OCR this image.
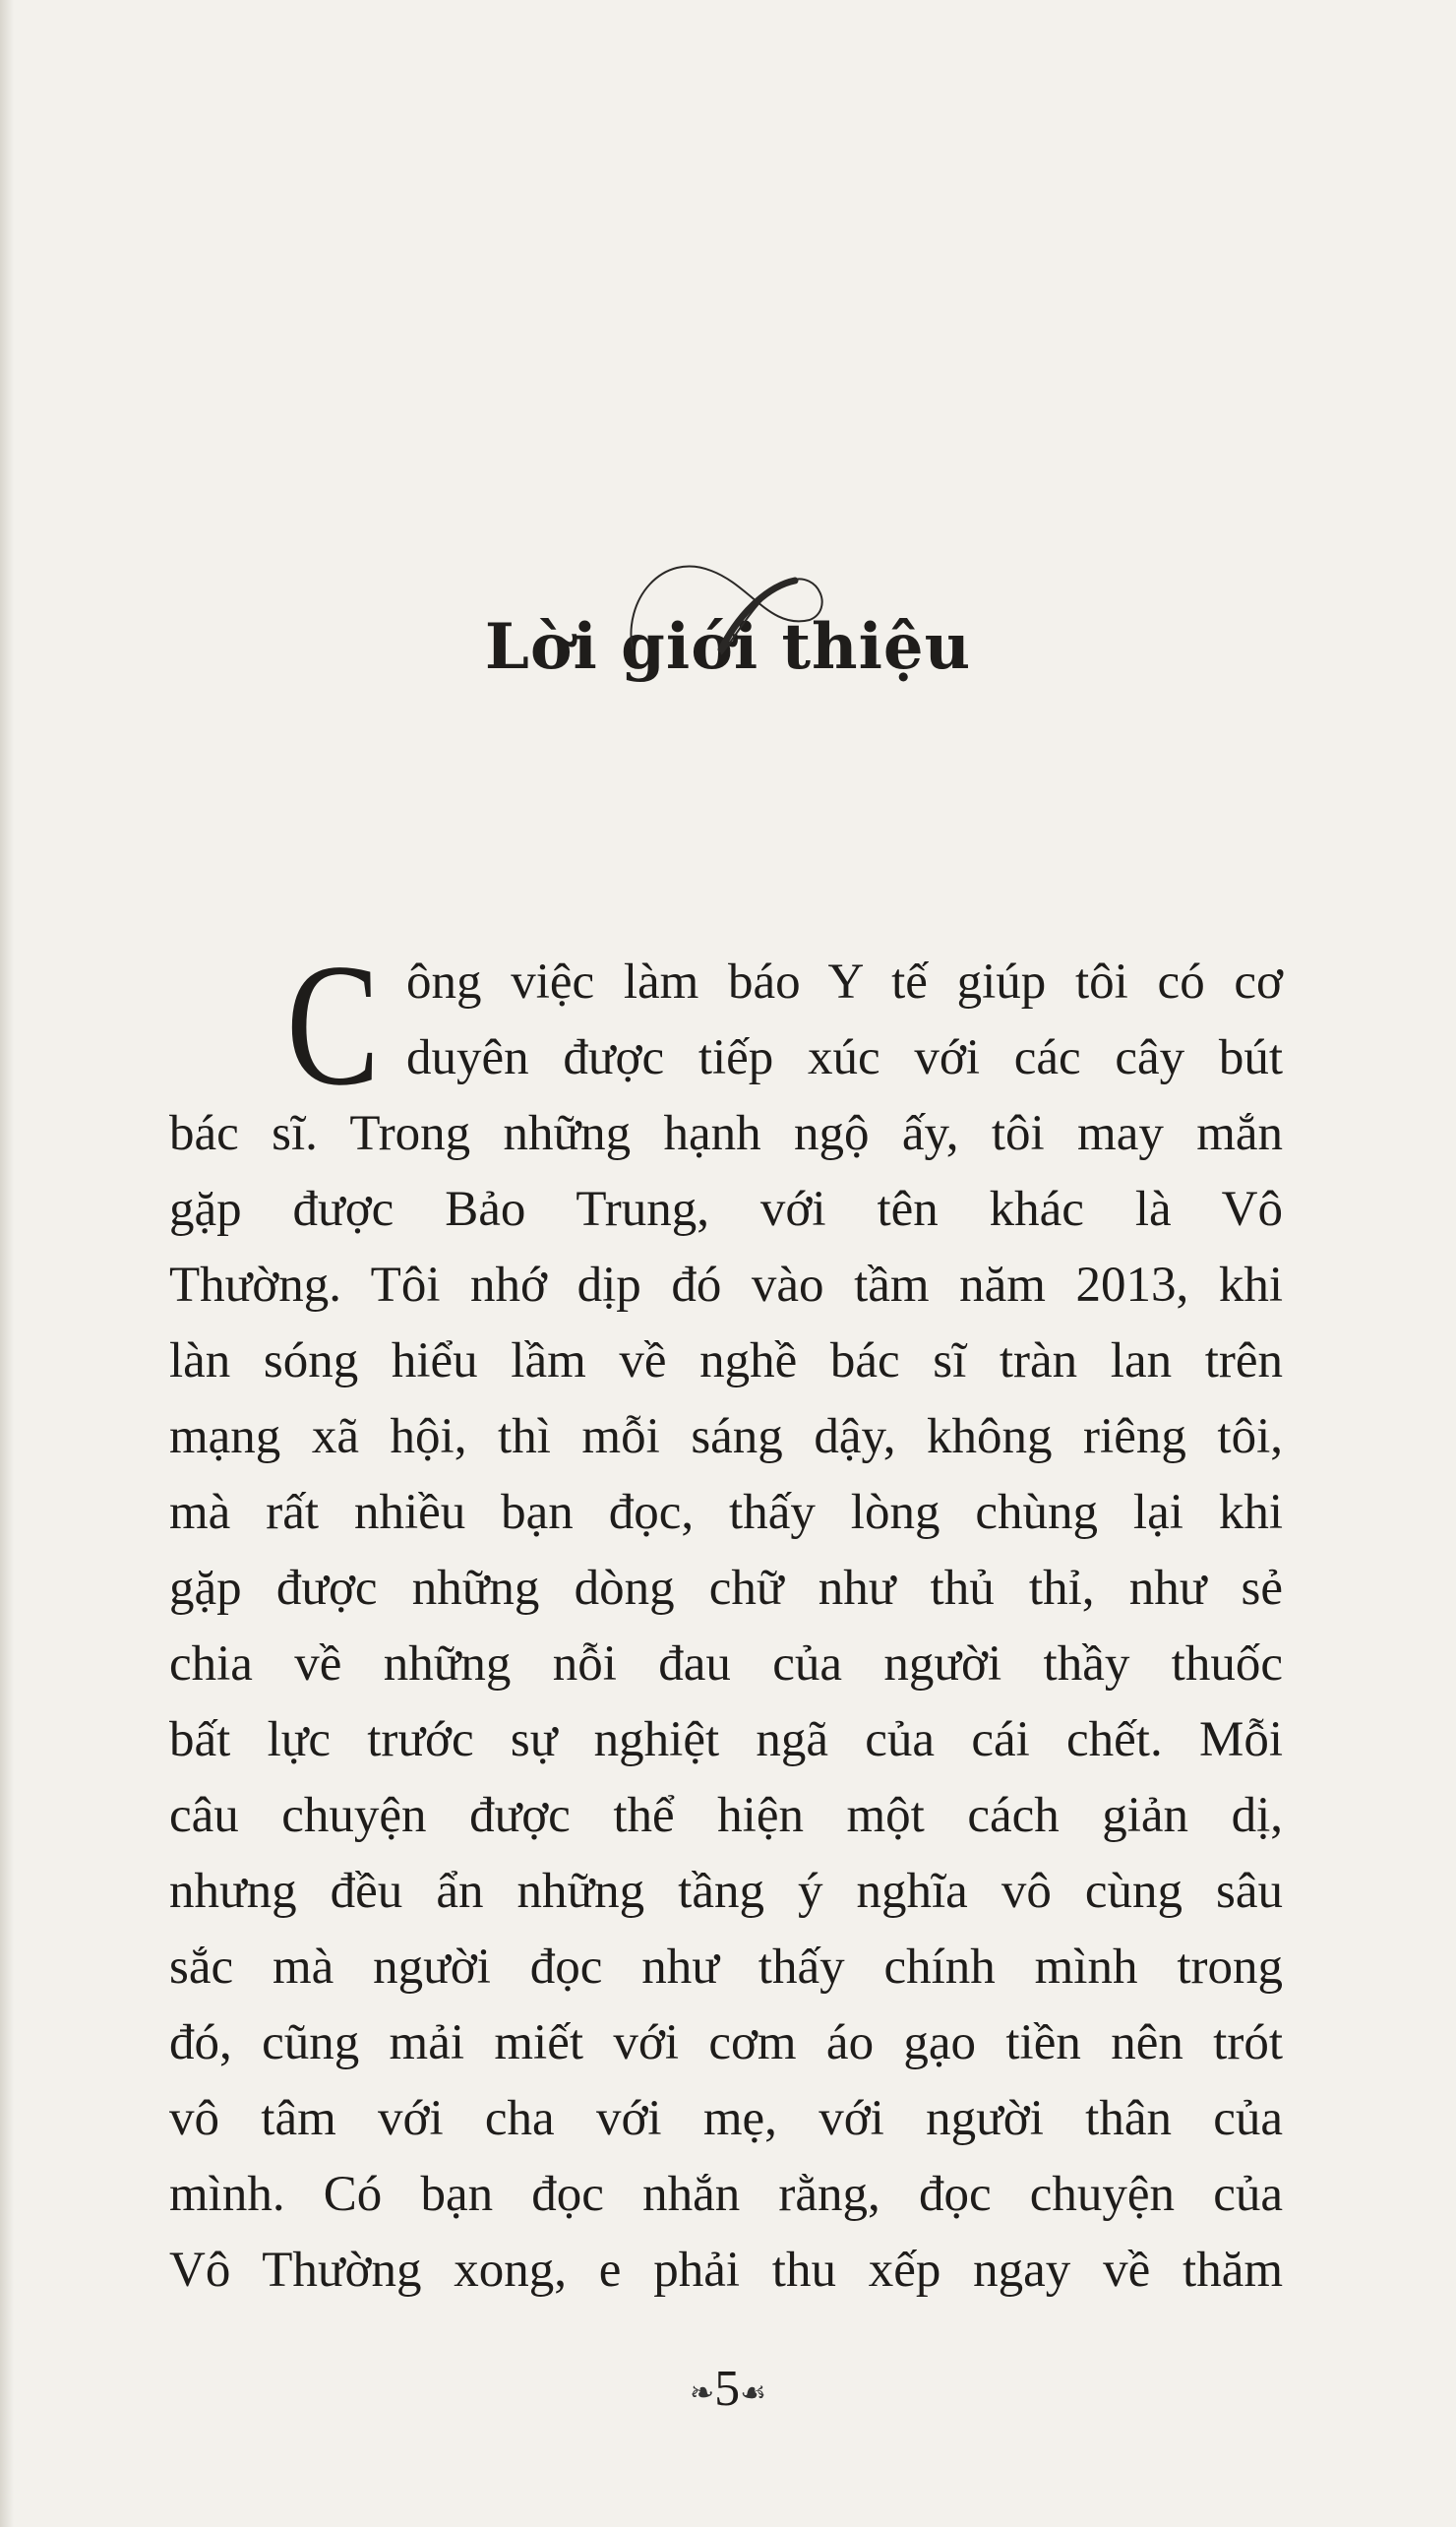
Lời giới thiệu
C ông việc làm báo Y tế giúp tôi có cơ
duyên được tiếp xúc với các cây bút
bác sĩ. Trong những hạnh ngộ ấy, tôi may mắn
gặp được Bảo Trung, với tên khác là Vô
Thường. Tôi nhớ dịp đó vào tầm năm 2013, khi
làn sóng hiểu lầm về nghề bác sĩ tràn lan trên
mạng xã hội, thì mỗi sáng dậy, không riêng tôi,
mà rất nhiều bạn đọc, thấy lòng chùng lại khi
gặp được những dòng chữ như thủ thỉ, như sẻ
chia về những nỗi đau của người thầy thuốc
bất lực trước sự nghiệt ngã của cái chết. Mỗi
câu chuyện được thể hiện một cách giản dị,
nhưng đều ẩn những tầng ý nghĩa vô cùng sâu
sắc mà người đọc như thấy chính mình trong
đó, cũng mải miết với cơm áo gạo tiền nên trót
vô tâm với cha với mẹ, với người thân của
mình. Có bạn đọc nhắn rằng, đọc chuyện của
Vô Thường xong, e phải thu xếp ngay về thăm
❧5☙
